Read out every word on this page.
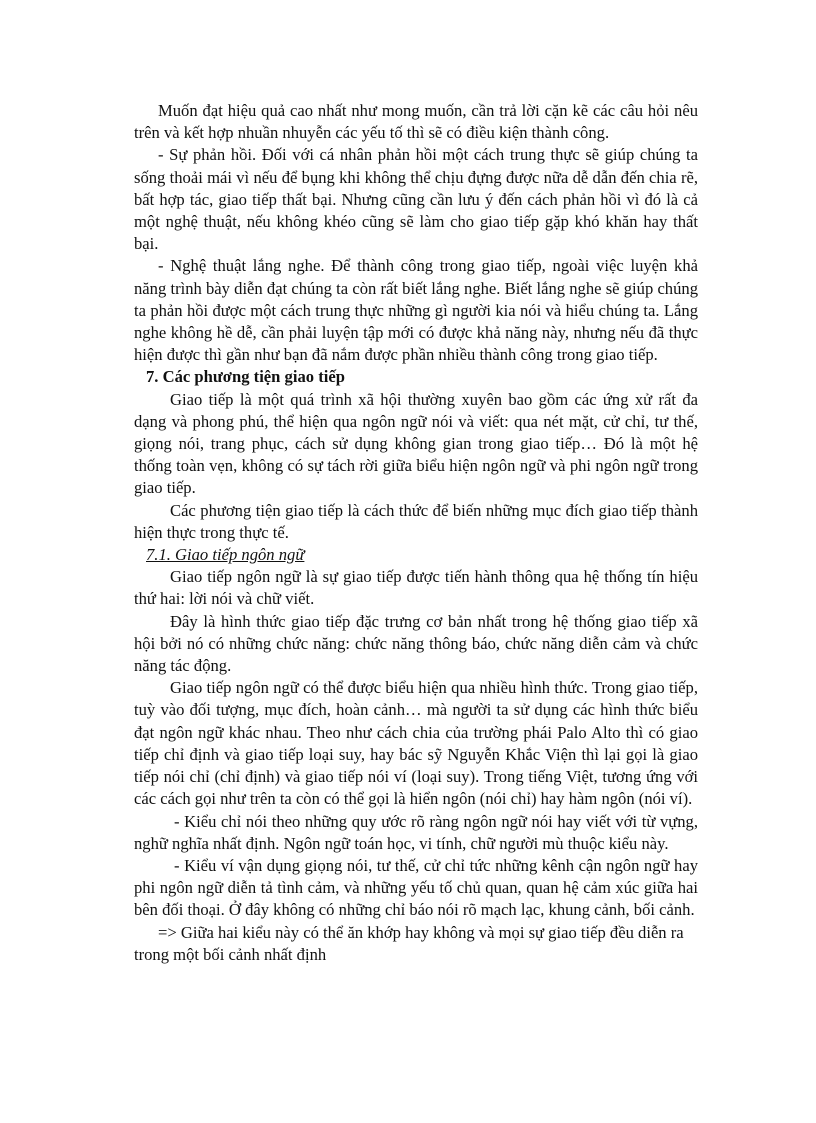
Muốn đạt hiệu quả cao nhất như mong muốn, cần trả lời cặn kẽ các câu hỏi nêu trên và kết hợp nhuần nhuyễn các yếu tố thì sẽ có điều kiện thành công.

- Sự phản hồi. Đối với cá nhân phản hồi một cách trung thực sẽ giúp chúng ta sống thoải mái vì nếu để bụng khi không thể chịu đựng được nữa dễ dẫn đến chia rẽ, bất hợp tác, giao tiếp thất bại. Nhưng cũng cần lưu ý đến cách phản hồi vì đó là cả một nghệ thuật, nếu không khéo cũng sẽ làm cho giao tiếp gặp khó khăn hay thất bại.

- Nghệ thuật lắng nghe. Để thành công trong giao tiếp, ngoài việc luyện khả năng trình bày diễn đạt chúng ta còn rất biết lắng nghe. Biết lắng nghe sẽ giúp chúng ta phản hồi được một cách trung thực những gì người kia nói và hiểu chúng ta. Lắng nghe không hề dễ, cần phải luyện tập mới có được khả năng này, nhưng nếu đã thực hiện được thì gần như bạn đã nắm được phần nhiều thành công trong giao tiếp.

7. Các phương tiện giao tiếp

Giao tiếp là một quá trình xã hội thường xuyên bao gồm các ứng xử rất đa dạng và phong phú, thể hiện qua ngôn ngữ nói và viết: qua nét mặt, cử chỉ, tư thế, giọng nói, trang phục, cách sử dụng không gian trong giao tiếp… Đó là một hệ thống toàn vẹn, không có sự tách rời giữa biểu hiện ngôn ngữ và phi ngôn ngữ trong giao tiếp.

Các phương tiện giao tiếp là cách thức để biến những mục đích giao tiếp thành hiện thực trong thực tế.

7.1. Giao tiếp ngôn ngữ

Giao tiếp ngôn ngữ là sự giao tiếp được tiến hành thông qua hệ thống tín hiệu thứ hai: lời nói và chữ viết.

Đây là hình thức giao tiếp đặc trưng cơ bản nhất trong hệ thống giao tiếp xã hội bởi nó có những chức năng: chức năng thông báo, chức năng diễn cảm và chức năng tác động.

Giao tiếp ngôn ngữ có thể được biểu hiện qua nhiều hình thức. Trong giao tiếp, tuỳ vào đối tượng, mục đích, hoàn cảnh… mà người ta sử dụng các hình thức biểu đạt ngôn ngữ khác nhau. Theo như cách chia của trường phái Palo Alto thì có giao tiếp chỉ định và giao tiếp loại suy, hay bác sỹ Nguyễn Khắc Viện thì lại gọi là giao tiếp nói chỉ (chỉ định) và giao tiếp nói ví (loại suy). Trong tiếng Việt, tương ứng với các cách gọi như trên ta còn có thể gọi là hiển ngôn (nói chỉ) hay hàm ngôn (nói ví).

- Kiểu chỉ nói theo những quy ước rõ ràng ngôn ngữ nói hay viết với từ vựng, nghữ nghĩa nhất định. Ngôn ngữ toán học, vi tính, chữ người mù thuộc kiểu này.

- Kiểu ví vận dụng giọng nói, tư thế, cử chỉ tức những kênh cận ngôn ngữ hay phi ngôn ngữ diễn tả tình cảm, và những yếu tố chủ quan, quan hệ cảm xúc giữa hai bên đối thoại. Ở đây không có những chỉ báo nói rõ mạch lạc, khung cảnh, bối cảnh.

=> Giữa hai kiểu này có thể ăn khớp hay không và mọi sự giao tiếp đều diễn ra trong một bối cảnh nhất định
